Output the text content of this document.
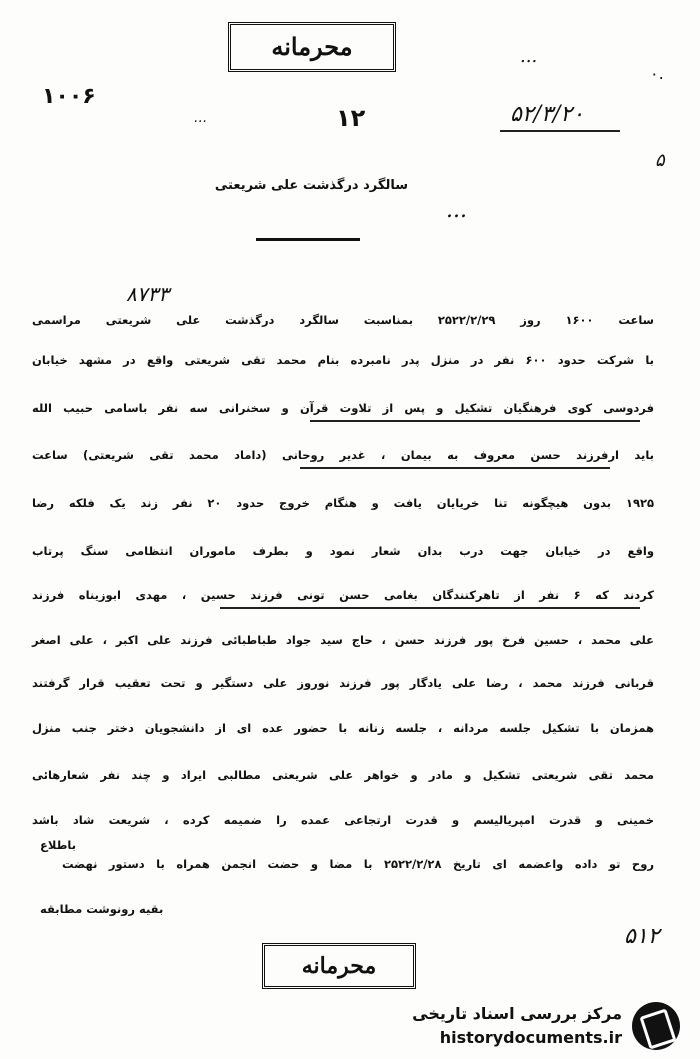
محرمانه
۰.
...
۱۰۰۶
...	۱۲	۵۲/۳/۲۰
۵
سالگرد درگذشت علی شریعتی
...
۸۷۳۳
ساعت ۱۶۰۰ روز ۲۵۲۲/۲/۲۹ بمناسبت سالگرد درگذشت علی شریعتی مراسمی
با شرکت حدود ۶۰۰ نفر در منزل پدر نامبرده بنام محمد تقی شریعتی واقع در مشهد خیابان
فردوسی کوی فرهنگیان تشکیل و پس از تلاوت قرآن و سخنرانی سه نفر باسامی حبیب الله
باید ارفرزند حسن معروف به بیمان ، غدیر روحانی (داماد محمد تقی شریعتی) ساعت
۱۹۲۵ بدون هیچگونه تنا خریایان یافت و هنگام خروج حدود ۲۰ نفر زند یک فلکه رضا
واقع در خیابان جهت درب بدان شعار نمود و بطرف ماموران انتظامی سنگ پرتاب
کردند که ۶ نفر از تاهرکنندگان بغامی حسن تونی فرزند حسین ، مهدی ابوزیناه فرزند
علی محمد ، حسین فرخ پور فرزند حسن ، حاج سید جواد طباطبائی فرزند علی اکبر ، علی اصغر
قربانی فرزند محمد ، رضا علی یادگار پور فرزند نوروز علی دستگیر و تحت تعقیب قرار گرفتند
همزمان با تشکیل جلسه مردانه ، جلسه زنانه با حضور عده ای از دانشجویان دختر جنب منزل
محمد تقی شریعتی تشکیل و مادر و خواهر علی شریعتی مطالبی ایراد و چند نفر شعارهائی
خمینی و قدرت امپریالیسم و قدرت ارتجاعی عمده را ضمیمه کرده ، شریعت شاد باشد
روح تو داده واعضمه ای تاریخ ۲۵۲۲/۲/۲۸ با مضا و حضت انجمن همراه با دستور نهضت
باطلاع
بقیه رونوشت مطابقه
۵۱۲
محرمانه
مرکز بررسی اسناد تاریخی
historydocuments.ir
